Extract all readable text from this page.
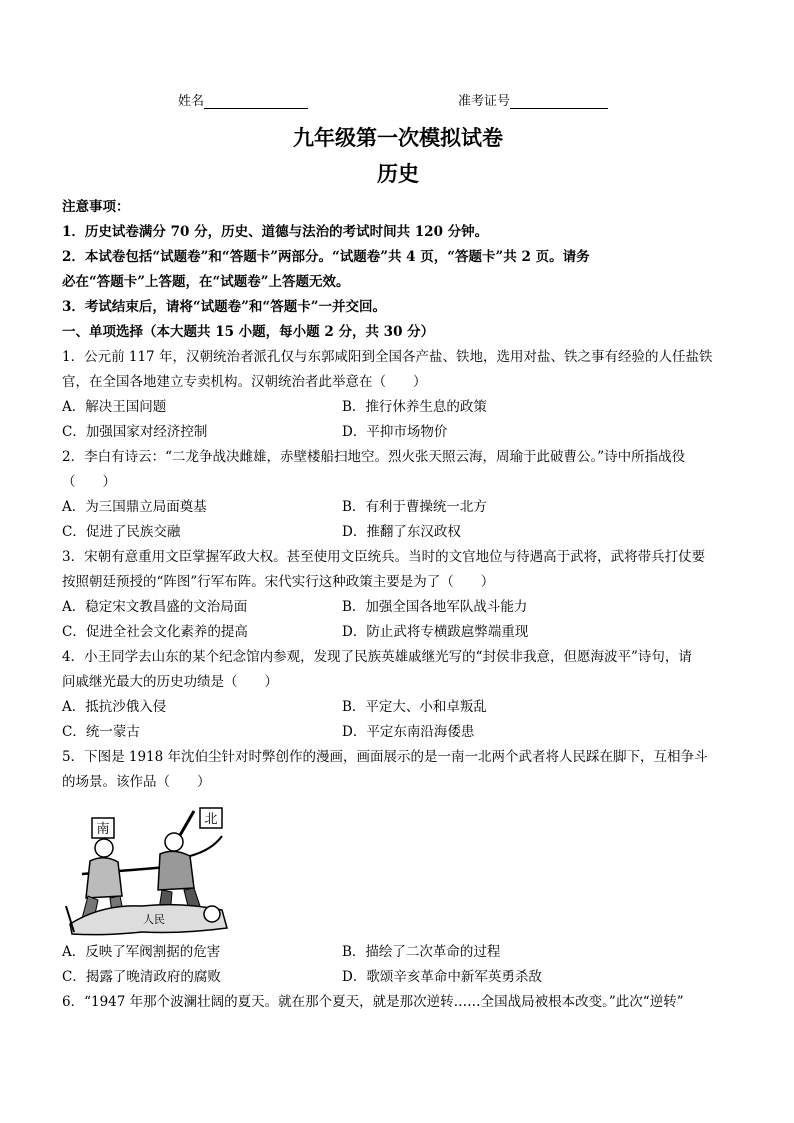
姓名	准考证号
九年级第一次模拟试卷
历史
注意事项：
1．历史试卷满分 70 分，历史、道德与法治的考试时间共 120 分钟。
2．本试卷包括“试题卷”和“答题卡”两部分。“试题卷”共 4 页，“答题卡”共 2 页。请务
必在“答题卡”上答题，在“试题卷”上答题无效。
3．考试结束后，请将“试题卷”和“答题卡”一并交回。
一、单项选择（本大题共 15 小题，每小题 2 分，共 30 分）
1．公元前 117 年，汉朝统治者派孔仅与东郭咸阳到全国各产盐、铁地，选用对盐、铁之事有经验的人任盐铁
官，在全国各地建立专卖机构。汉朝统治者此举意在（　　）
A．解决王国问题	B．推行休养生息的政策
C．加强国家对经济控制	D．平抑市场物价
2．李白有诗云：“二龙争战决雌雄，赤壁楼船扫地空。烈火张天照云海，周瑜于此破曹公。”诗中所指战役
（　　）
A．为三国鼎立局面奠基	B．有利于曹操统一北方
C．促进了民族交融	D．推翻了东汉政权
3．宋朝有意重用文臣掌握军政大权。甚至使用文臣统兵。当时的文官地位与待遇高于武将，武将带兵打仗要
按照朝廷预授的“阵图”行军布阵。宋代实行这种政策主要是为了（　　）
A．稳定宋文教昌盛的文治局面	B．加强全国各地军队战斗能力
C．促进全社会文化素养的提高	D．防止武将专横跋扈弊端重现
4．小王同学去山东的某个纪念馆内参观，发现了民族英雄戚继光写的“封侯非我意，但愿海波平”诗句，请
问戚继光最大的历史功绩是（　　）
A．抵抗沙俄入侵	B．平定大、小和卓叛乱
C．统一蒙古	D．平定东南沿海倭患
5．下图是 1918 年沈伯尘针对时弊创作的漫画，画面展示的是一南一北两个武者将人民踩在脚下，互相争斗
的场景。该作品（　　）
南
北
人民
A．反映了军阀割据的危害	B．描绘了二次革命的过程
C．揭露了晚清政府的腐败	D．歌颂辛亥革命中新军英勇杀敌
6．“1947 年那个波澜壮阔的夏天。就在那个夏天，就是那次逆转……全国战局被根本改变。”此次“逆转”
